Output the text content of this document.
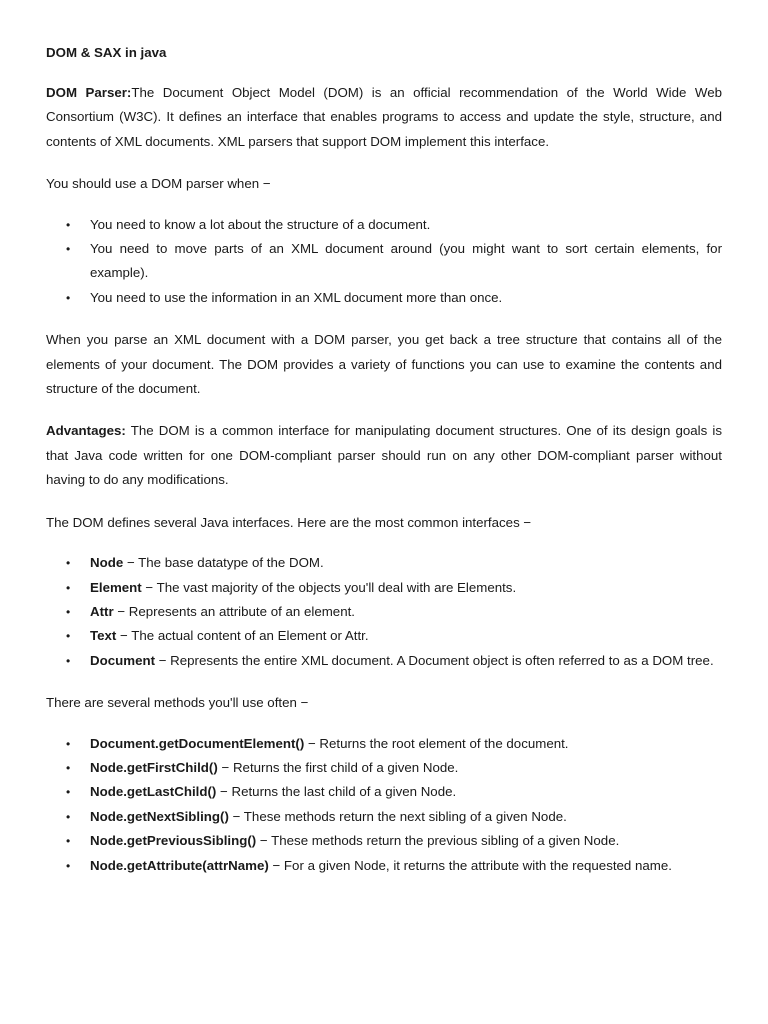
DOM & SAX in java

DOM Parser:The Document Object Model (DOM) is an official recommendation of the World Wide Web Consortium (W3C). It defines an interface that enables programs to access and update the style, structure, and contents of XML documents. XML parsers that support DOM implement this interface.

You should use a DOM parser when −

• You need to know a lot about the structure of a document.
• You need to move parts of an XML document around (you might want to sort certain elements, for example).
• You need to use the information in an XML document more than once.

When you parse an XML document with a DOM parser, you get back a tree structure that contains all of the elements of your document. The DOM provides a variety of functions you can use to examine the contents and structure of the document.

Advantages: The DOM is a common interface for manipulating document structures. One of its design goals is that Java code written for one DOM-compliant parser should run on any other DOM-compliant parser without having to do any modifications.

The DOM defines several Java interfaces. Here are the most common interfaces −

• Node − The base datatype of the DOM.
• Element − The vast majority of the objects you'll deal with are Elements.
• Attr − Represents an attribute of an element.
• Text − The actual content of an Element or Attr.
• Document − Represents the entire XML document. A Document object is often referred to as a DOM tree.

There are several methods you'll use often −

• Document.getDocumentElement() − Returns the root element of the document.
• Node.getFirstChild() − Returns the first child of a given Node.
• Node.getLastChild() − Returns the last child of a given Node.
• Node.getNextSibling() − These methods return the next sibling of a given Node.
• Node.getPreviousSibling() − These methods return the previous sibling of a given Node.
• Node.getAttribute(attrName) − For a given Node, it returns the attribute with the requested name.
